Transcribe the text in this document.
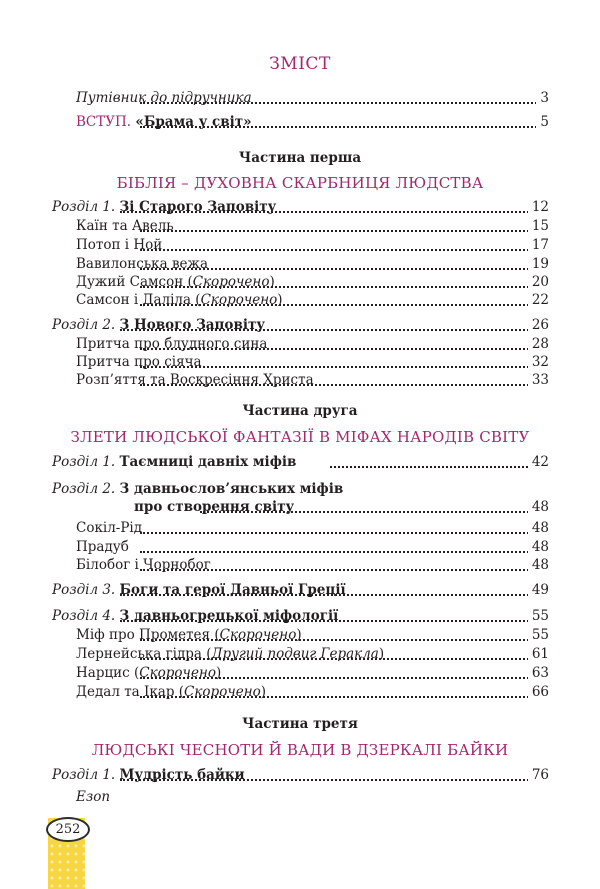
ЗМІСТ
Путівник до підручника	3
ВСТУП. «Брама у світ»	5
Частина перша
БІБЛІЯ – ДУХОВНА СКАРБНИЦЯ ЛЮДСТВА
Розділ 1. Зі Старого Заповіту	12
Каїн та Авель	15
Потоп і Ной	17
Вавилонська вежа	19
Дужий Самсон (Скорочено)	20
Самсон і Даліла (Скорочено)	22
Розділ 2. З Нового Заповіту	26
Притча про блудного сина	28
Притча про сіяча	32
Розп’яття та Воскресіння Христа	33
Частина друга
ЗЛЕТИ ЛЮДСЬКОЇ ФАНТАЗІЇ В МІФАХ НАРОДІВ СВІТУ
Розділ 1. Таємниці давніх міфів	42
Розділ 2. З давньослов’янських міфів
про створення світу	48
Сокіл-Рід	48
Прадуб	48
Білобог і Чорнобог	48
Розділ 3. Боги та герої Давньої Греції	49
Розділ 4. З давньогрецької міфології	55
Міф про Прометея (Скорочено)	55
Лернейська гідра (Другий подвиг Геракла)	61
Нарцис (Скорочено)	63
Дедал та Ікар (Скорочено)	66
Частина третя
ЛЮДСЬКІ ЧЕСНОТИ Й ВАДИ В ДЗЕРКАЛІ БАЙКИ
Розділ 1. Мудрість байки	76
Езоп
252
